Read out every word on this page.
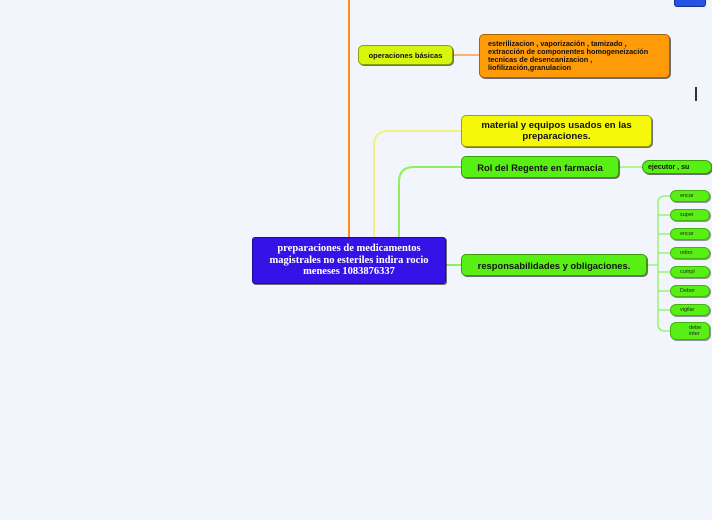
preparaciones de medicamentos magistrales no esteriles indira rocio meneses 1083876337
operaciones básicas
esterilizacion , vaporización , tamizado , extracción de componentes homogeneización tecnicas de desencanizacion , liofilización,granulacion
material y equipos usados en las preparaciones.
Rol del Regente en farmacia	ejecutor , su
responsabilidades y obligaciones.
encar
super
encar
retiro
cumpl
Deber
vigilar
debe inter
